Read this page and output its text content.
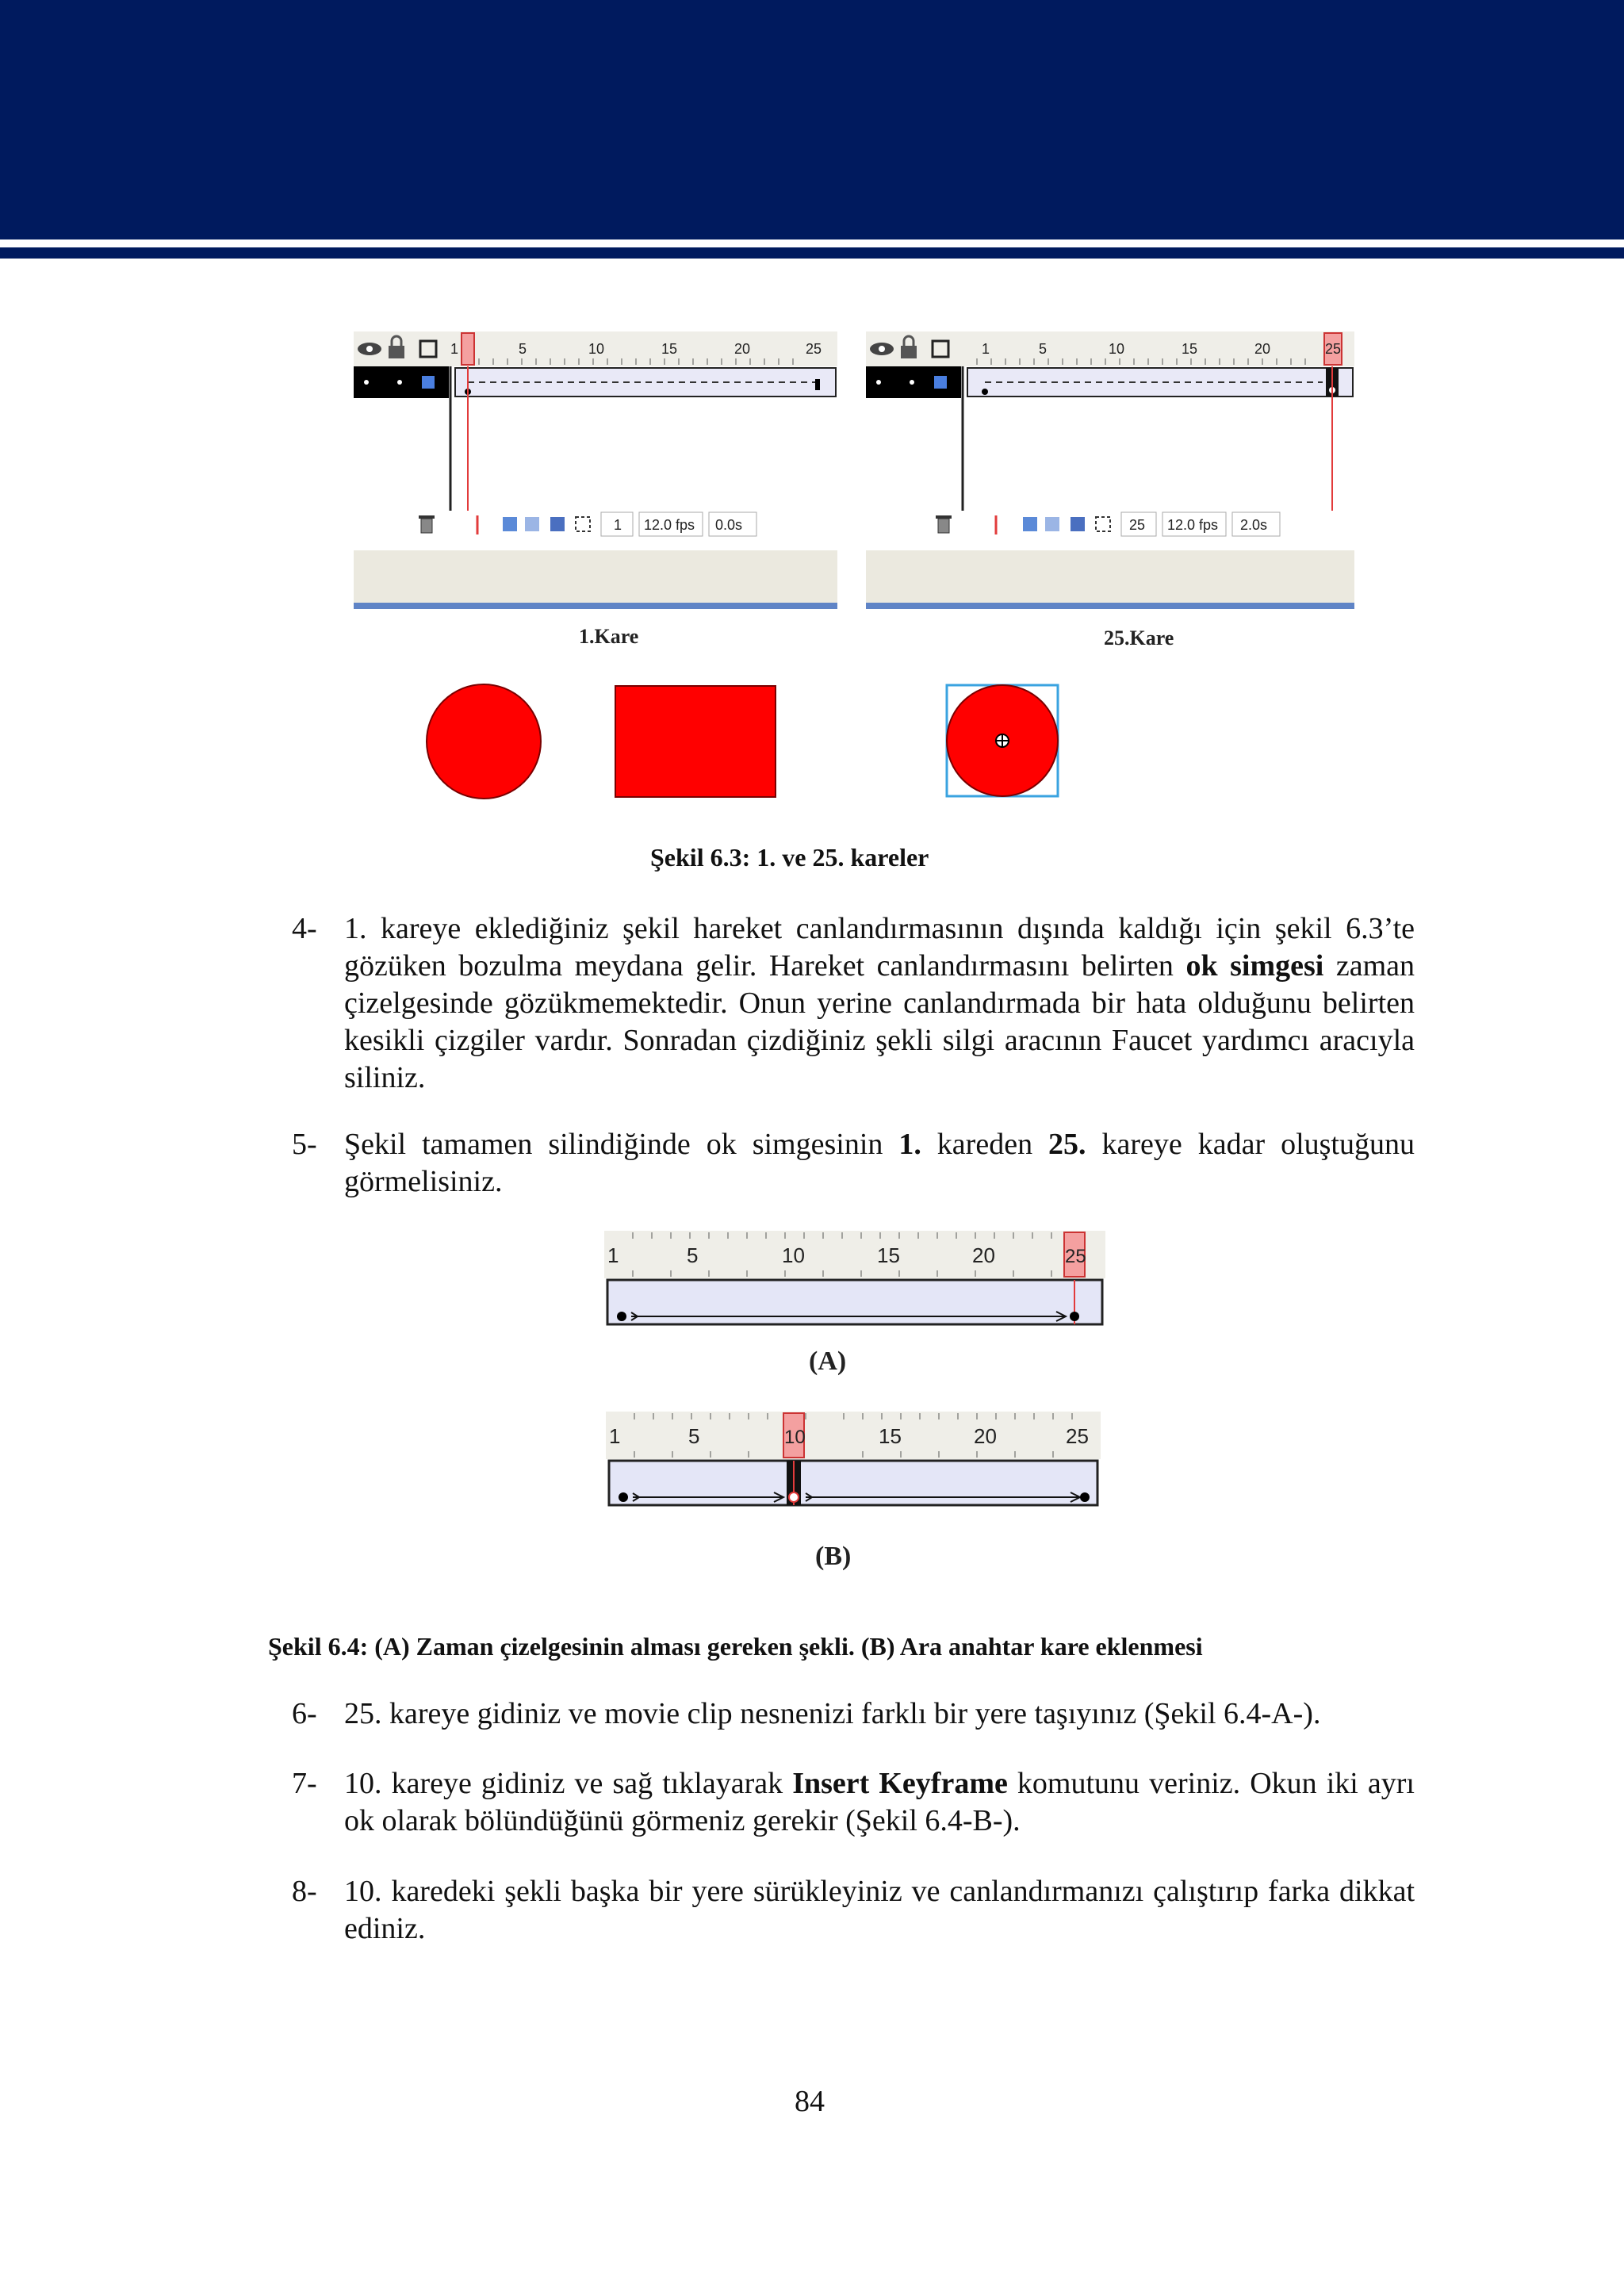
1	5	10	15	20	25
1 12.0 fps 0.0s
1	5	10	15	20	25
25 12.0 fps 2.0s
1.Kare	25.Kare
Şekil 6.3: 1. ve 25. kareler
4- 1. kareye eklediğiniz şekil hareket canlandırmasının dışında kaldığı için şekil 6.3’te gözüken bozulma meydana gelir. Hareket canlandırmasını belirten ok simgesi zaman çizelgesinde gözükmemektedir. Onun yerine canlandırmada bir hata olduğunu belirten kesikli çizgiler vardır. Sonradan çizdiğiniz şekli silgi aracının Faucet yardımcı aracıyla siliniz.

5- Şekil tamamen silindiğinde ok simgesinin 1. kareden 25. kareye kadar oluştuğunu görmelisiniz.

1	5	10	15	20	25
(A)
1	5	10	15	20	25
(B)
Şekil 6.4: (A) Zaman çizelgesinin alması gereken şekli. (B) Ara anahtar kare eklenmesi
6- 25. kareye gidiniz ve movie clip nesnenizi farklı bir yere taşıyınız (Şekil 6.4-A-).

7- 10. kareye gidiniz ve sağ tıklayarak Insert Keyframe komutunu veriniz. Okun iki ayrı ok olarak bölündüğünü görmeniz gerekir (Şekil 6.4-B-).

8- 10. karedeki şekli başka bir yere sürükleyiniz ve canlandırmanızı çalıştırıp farka dikkat ediniz.

84
